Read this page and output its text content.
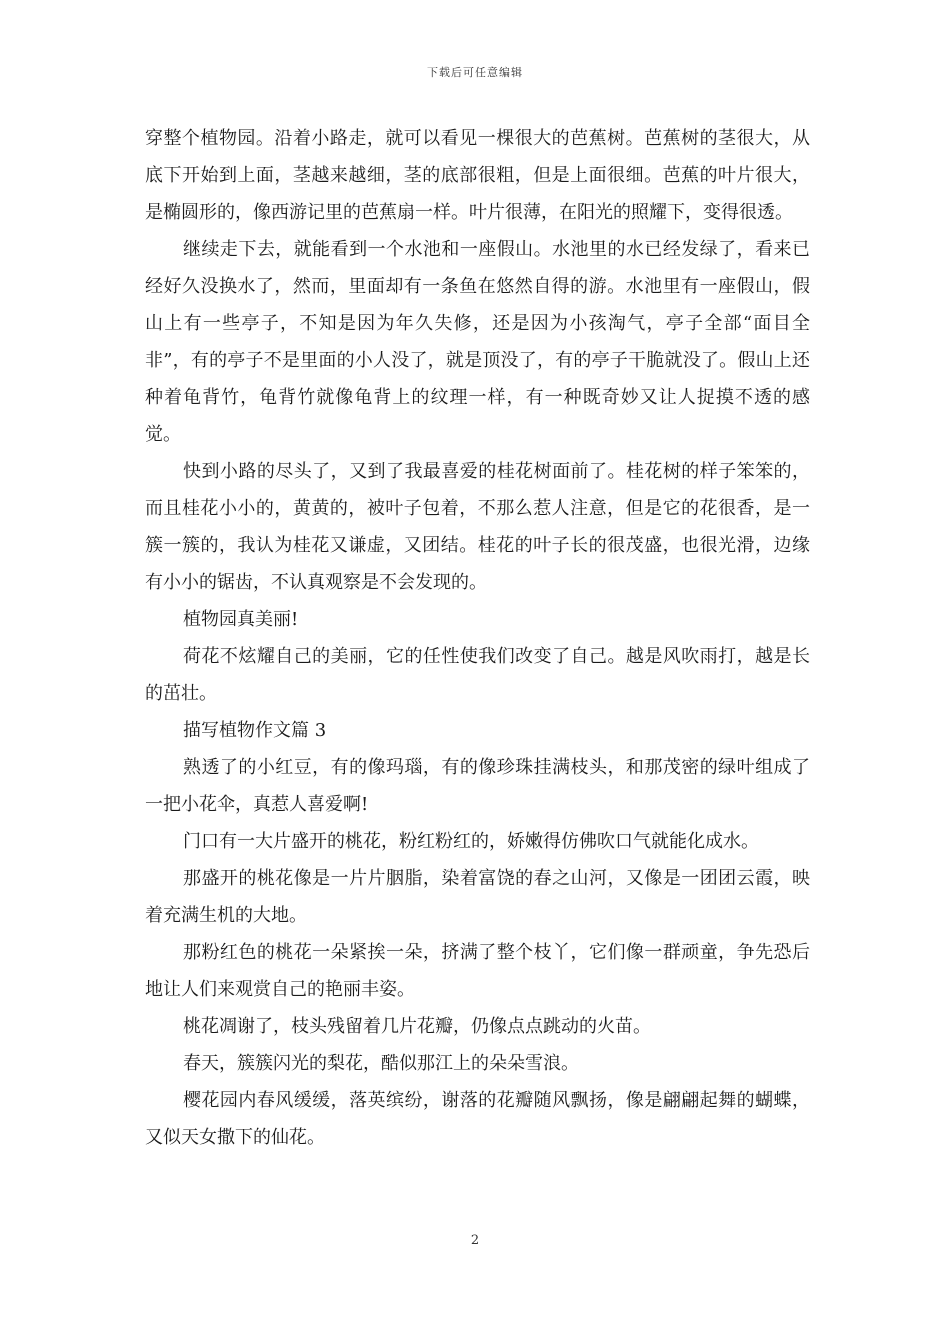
下载后可任意编辑

穿整个植物园。沿着小路走，就可以看见一棵很大的芭蕉树。芭蕉树的茎很大，从底下开始到上面，茎越来越细，茎的底部很粗，但是上面很细。芭蕉的叶片很大，是椭圆形的，像西游记里的芭蕉扇一样。叶片很薄，在阳光的照耀下，变得很透。

继续走下去，就能看到一个水池和一座假山。水池里的水已经发绿了，看来已经好久没换水了，然而，里面却有一条鱼在悠然自得的游。水池里有一座假山，假山上有一些亭子，不知是因为年久失修，还是因为小孩淘气，亭子全部“面目全非”，有的亭子不是里面的小人没了，就是顶没了，有的亭子干脆就没了。假山上还种着龟背竹，龟背竹就像龟背上的纹理一样，有一种既奇妙又让人捉摸不透的感觉。

快到小路的尽头了，又到了我最喜爱的桂花树面前了。桂花树的样子笨笨的，而且桂花小小的，黄黄的，被叶子包着，不那么惹人注意，但是它的花很香，是一簇一簇的，我认为桂花又谦虚，又团结。桂花的叶子长的很茂盛，也很光滑，边缘有小小的锯齿，不认真观察是不会发现的。

植物园真美丽!

荷花不炫耀自己的美丽，它的任性使我们改变了自己。越是风吹雨打，越是长的茁壮。

描写植物作文篇 3

熟透了的小红豆，有的像玛瑙，有的像珍珠挂满枝头，和那茂密的绿叶组成了一把小花伞，真惹人喜爱啊!

门口有一大片盛开的桃花，粉红粉红的，娇嫩得仿佛吹口气就能化成水。

那盛开的桃花像是一片片胭脂，染着富饶的春之山河，又像是一团团云霞，映着充满生机的大地。

那粉红色的桃花一朵紧挨一朵，挤满了整个枝丫，它们像一群顽童，争先恐后地让人们来观赏自己的艳丽丰姿。

桃花凋谢了，枝头残留着几片花瓣，仍像点点跳动的火苗。

春天，簇簇闪光的梨花，酷似那江上的朵朵雪浪。

樱花园内春风缓缓，落英缤纷，谢落的花瓣随风飘扬，像是翩翩起舞的蝴蝶，又似天女撒下的仙花。

2
